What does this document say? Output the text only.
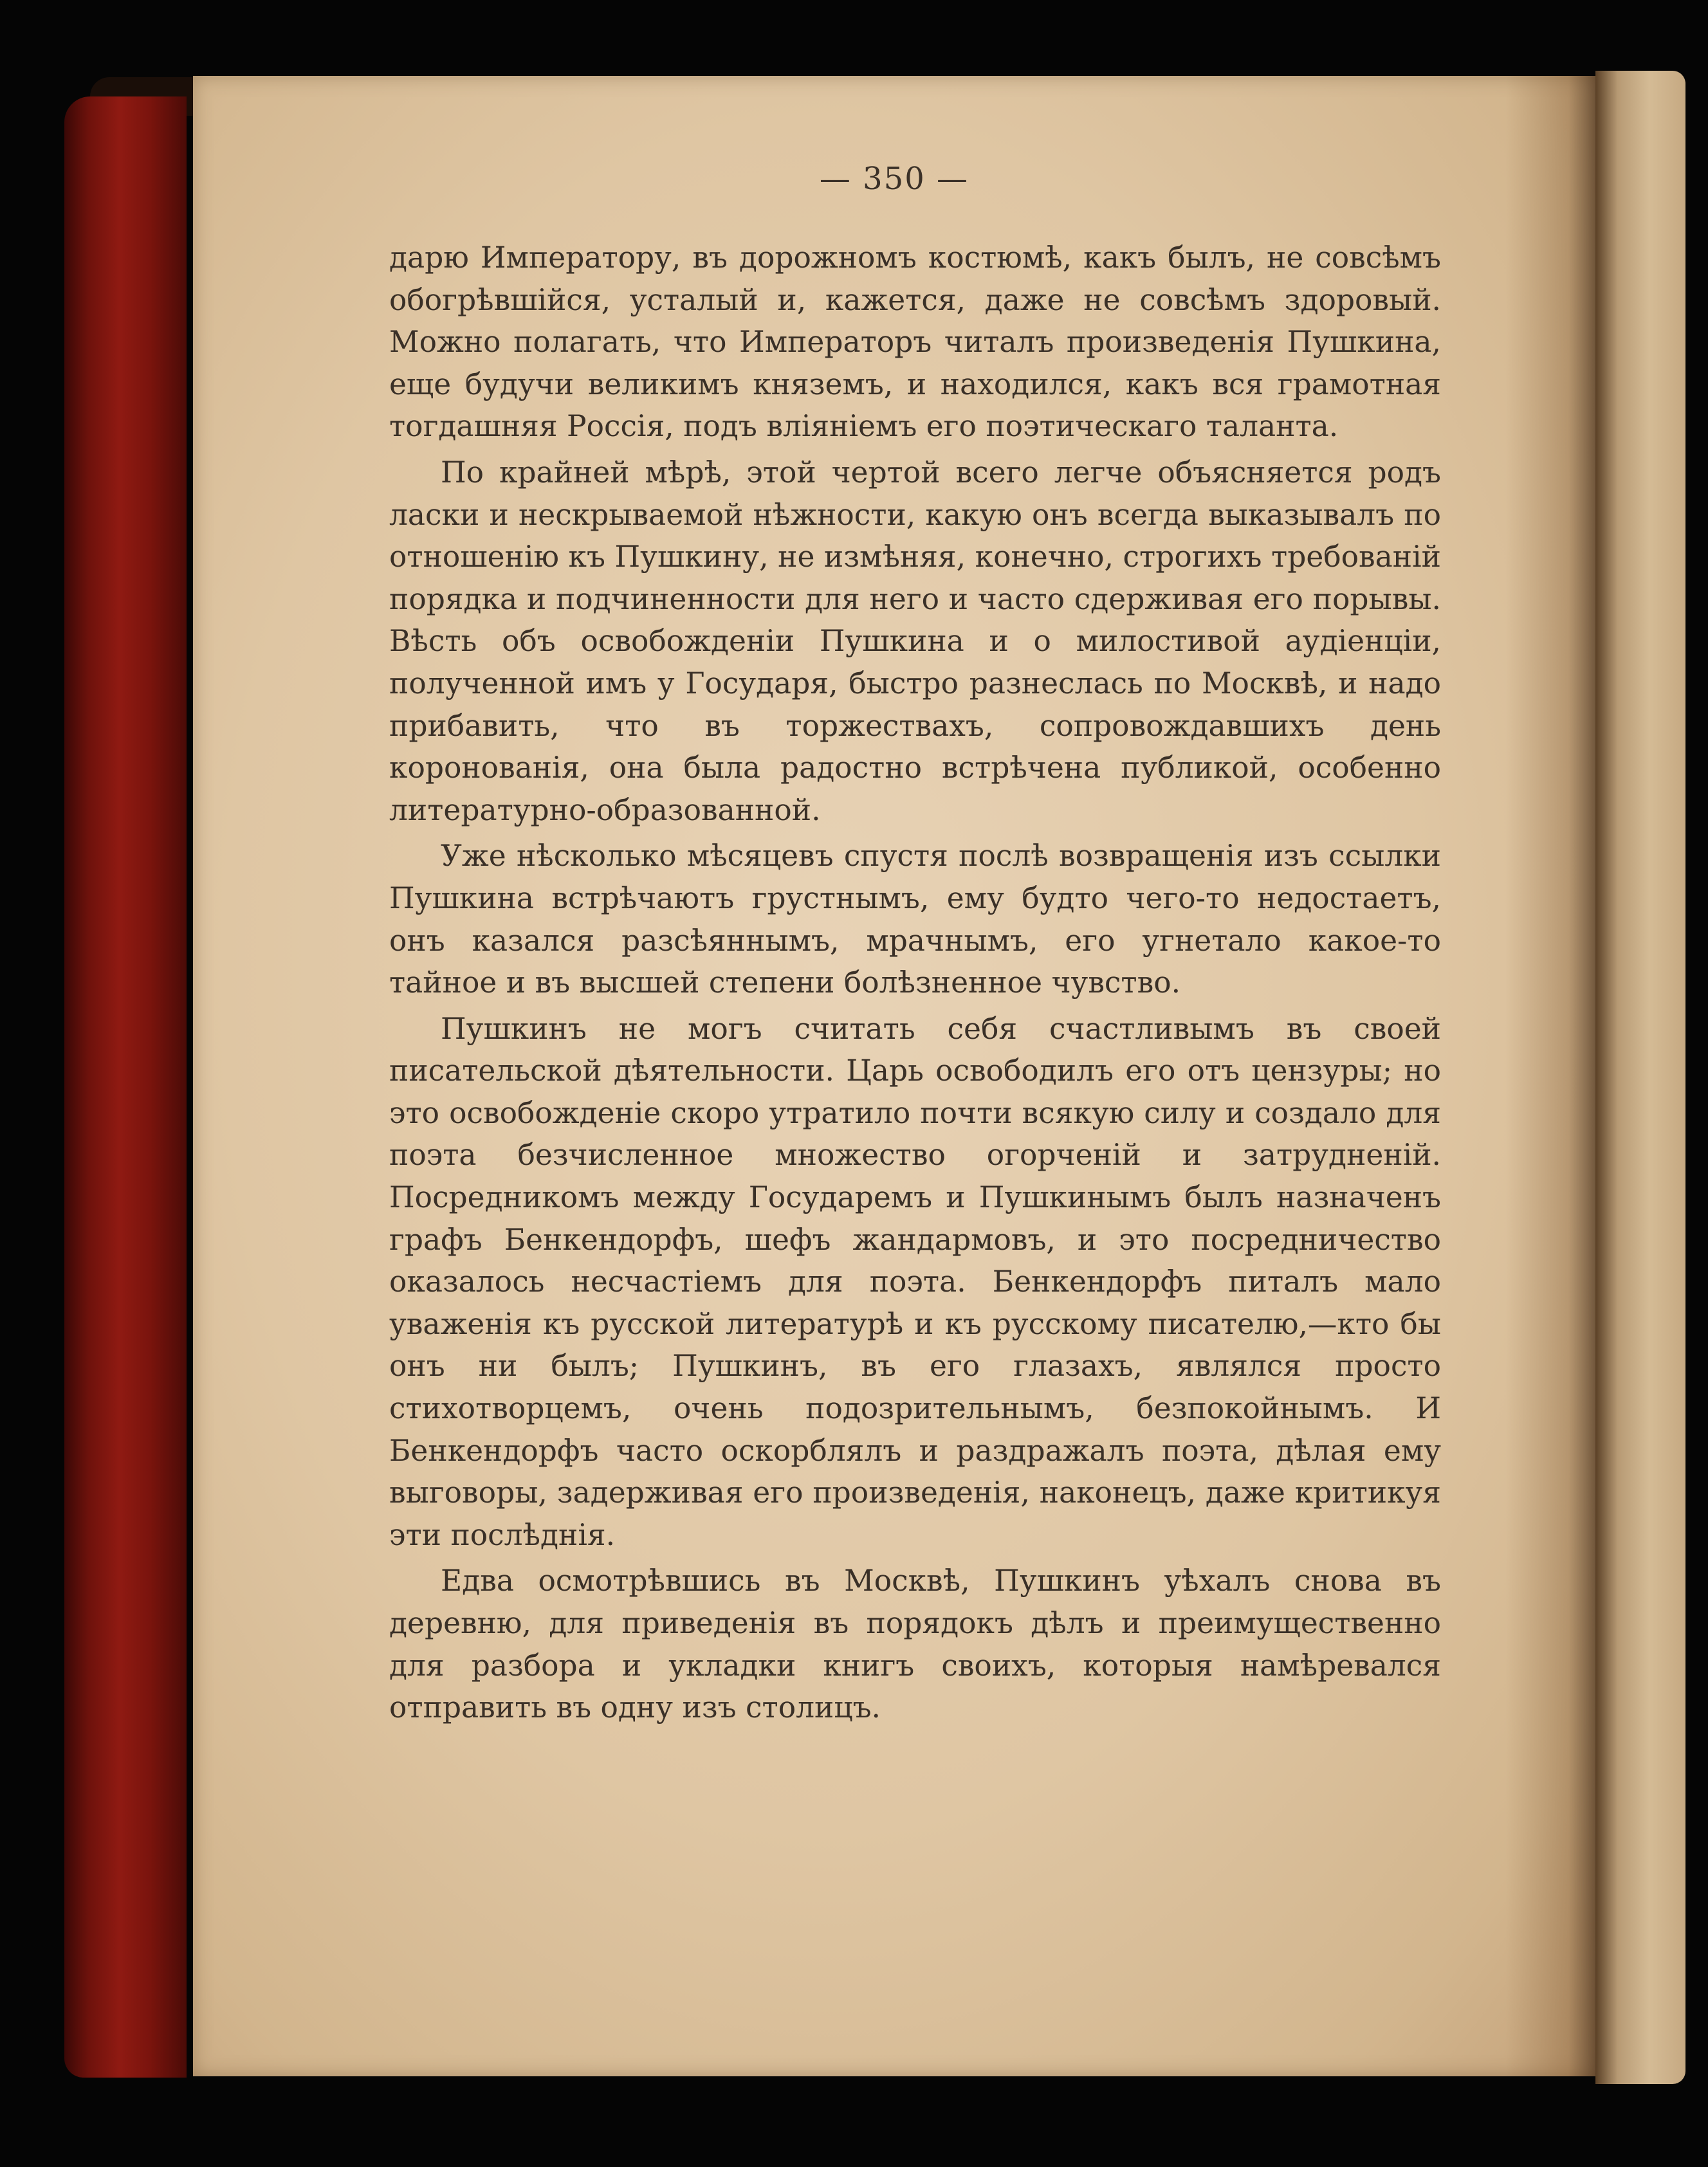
— 350 —

дарю Императору, въ дорожномъ костюмѣ, какъ былъ, не совсѣмъ обогрѣвшійся, усталый и, кажется, даже не совсѣмъ здоровый. Можно полагать, что Императоръ читалъ произведенія Пушкина, еще будучи великимъ княземъ, и находился, какъ вся грамотная тогдашняя Россія, подъ вліяніемъ его поэтическаго таланта.

По крайней мѣрѣ, этой чертой всего легче объясняется родъ ласки и нескрываемой нѣжности, какую онъ всегда выказывалъ по отношенію къ Пушкину, не измѣняя, конечно, строгихъ требованій порядка и подчиненности для него и часто сдерживая его порывы. Вѣсть объ освобожденіи Пушкина и о милостивой аудіенціи, полученной имъ у Государя, быстро разнеслась по Москвѣ, и надо прибавить, что въ торжествахъ, сопровождавшихъ день коронованія, она была радостно встрѣчена публикой, особенно литературно-образованной.

Уже нѣсколько мѣсяцевъ спустя послѣ возвращенія изъ ссылки Пушкина встрѣчаютъ грустнымъ, ему будто чего-то недостаетъ, онъ казался разсѣяннымъ, мрачнымъ, его угнетало какое-то тайное и въ высшей степени болѣзненное чувство.

Пушкинъ не могъ считать себя счастливымъ въ своей писательской дѣятельности. Царь освободилъ его отъ цензуры; но это освобожденіе скоро утратило почти всякую силу и создало для поэта безчисленное множество огорченій и затрудненій. Посредникомъ между Государемъ и Пушкинымъ былъ назначенъ графъ Бенкендорфъ, шефъ жандармовъ, и это посредничество оказалось несчастіемъ для поэта. Бенкендорфъ питалъ мало уваженія къ русской литературѣ и къ русскому писателю,—кто бы онъ ни былъ; Пушкинъ, въ его глазахъ, являлся просто стихотворцемъ, очень подозрительнымъ, безпокойнымъ. И Бенкендорфъ часто оскорблялъ и раздражалъ поэта, дѣлая ему выговоры, задерживая его произведенія, наконецъ, даже критикуя эти послѣднія.

Едва осмотрѣвшись въ Москвѣ, Пушкинъ уѣхалъ снова въ деревню, для приведенія въ порядокъ дѣлъ и преимущественно для разбора и укладки книгъ своихъ, которыя намѣревался отправить въ одну изъ столицъ.
